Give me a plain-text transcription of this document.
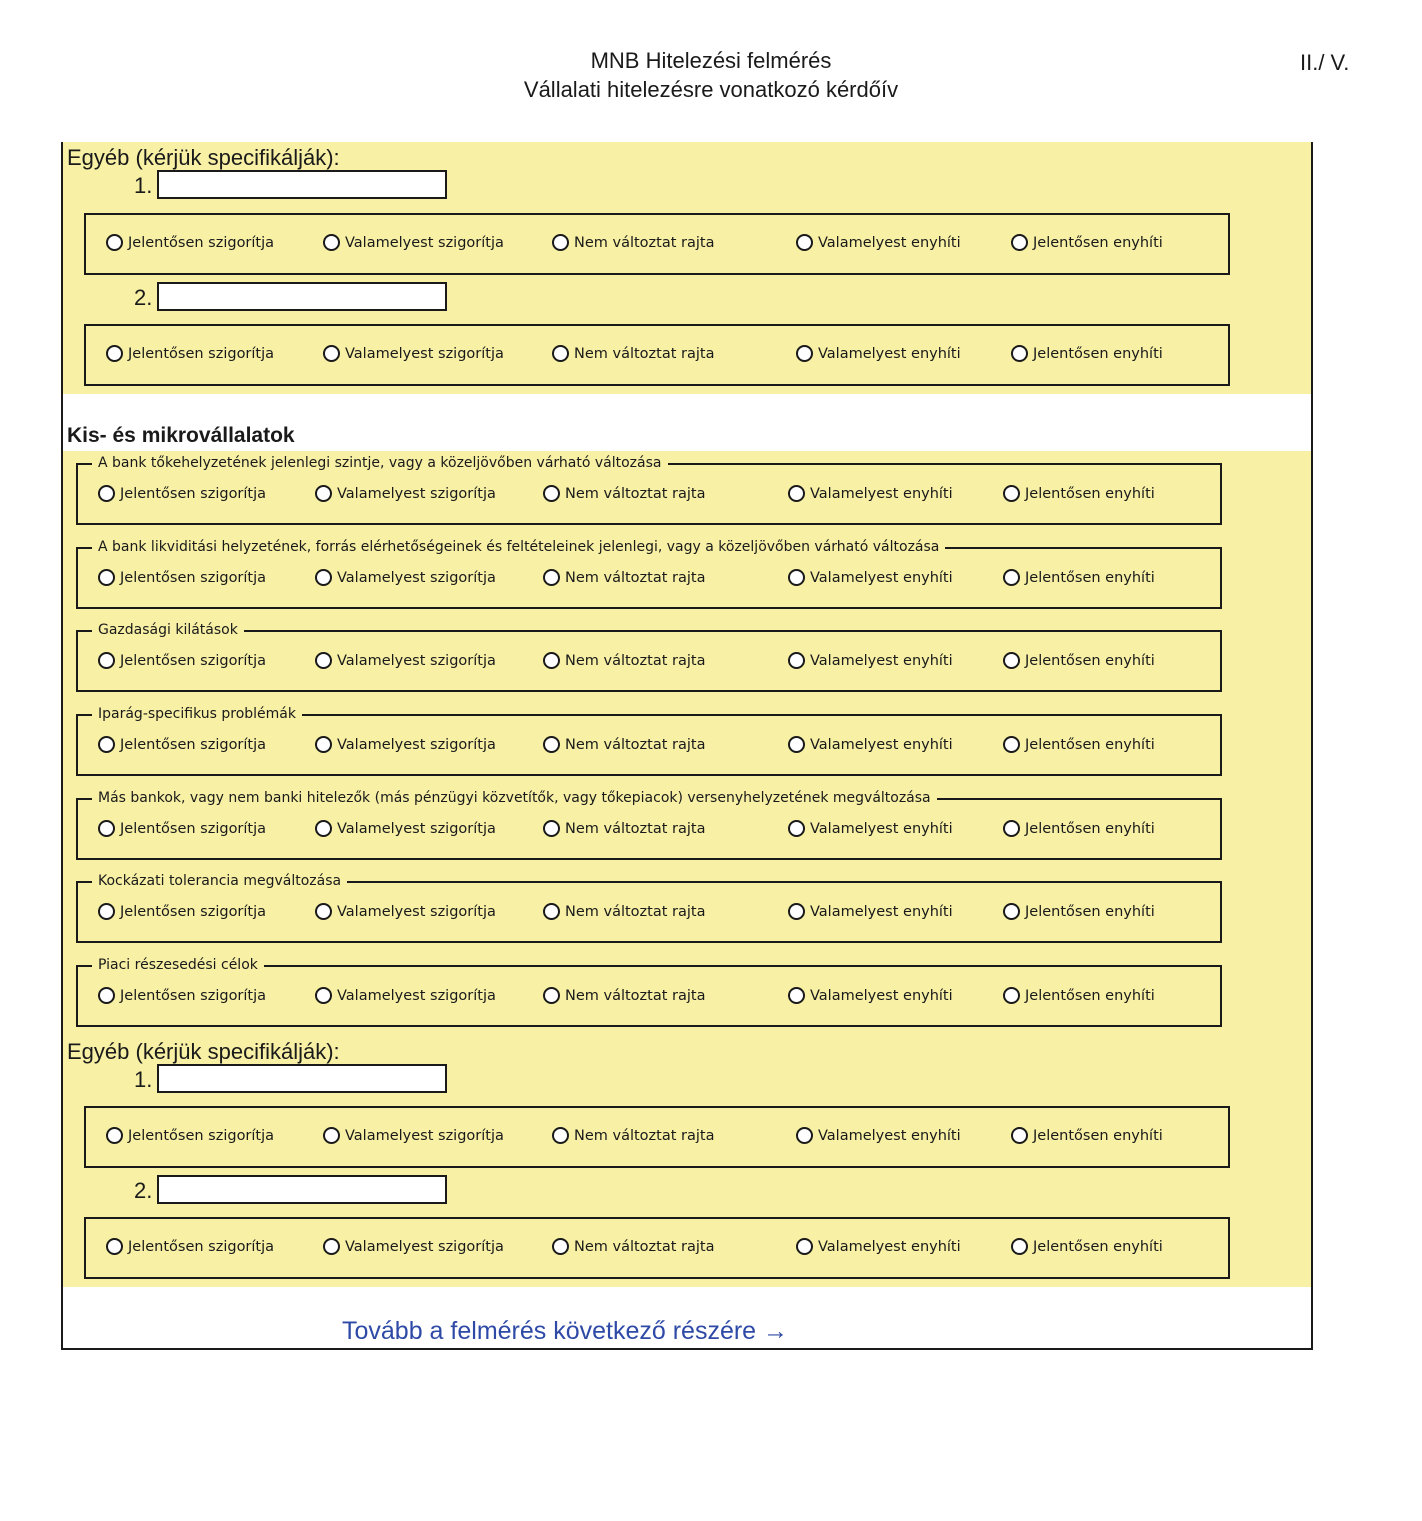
MNB Hitelezési felmérés
Vállalati hitelezésre vonatkozó kérdőív
II./ V.
Egyéb (kérjük specifikálják):
1.
Jelentősen szigorítja	Valamelyest szigorítja	Nem változtat rajta	Valamelyest enyhíti	Jelentősen enyhíti
2.
Jelentősen szigorítja	Valamelyest szigorítja	Nem változtat rajta	Valamelyest enyhíti	Jelentősen enyhíti
Kis- és mikrovállalatok
A bank tőkehelyzetének jelenlegi szintje, vagy a közeljövőben várható változása
Jelentősen szigorítja	Valamelyest szigorítja	Nem változtat rajta	Valamelyest enyhíti	Jelentősen enyhíti
A bank likviditási helyzetének, forrás elérhetőségeinek és feltételeinek jelenlegi, vagy a közeljövőben várható változása
Jelentősen szigorítja	Valamelyest szigorítja	Nem változtat rajta	Valamelyest enyhíti	Jelentősen enyhíti
Gazdasági kilátások
Jelentősen szigorítja	Valamelyest szigorítja	Nem változtat rajta	Valamelyest enyhíti	Jelentősen enyhíti
Iparág-specifikus problémák
Jelentősen szigorítja	Valamelyest szigorítja	Nem változtat rajta	Valamelyest enyhíti	Jelentősen enyhíti
Más bankok, vagy nem banki hitelezők (más pénzügyi közvetítők, vagy tőkepiacok) versenyhelyzetének megváltozása
Jelentősen szigorítja	Valamelyest szigorítja	Nem változtat rajta	Valamelyest enyhíti	Jelentősen enyhíti
Kockázati tolerancia megváltozása
Jelentősen szigorítja	Valamelyest szigorítja	Nem változtat rajta	Valamelyest enyhíti	Jelentősen enyhíti
Piaci részesedési célok
Jelentősen szigorítja	Valamelyest szigorítja	Nem változtat rajta	Valamelyest enyhíti	Jelentősen enyhíti
Egyéb (kérjük specifikálják):
1.
Jelentősen szigorítja	Valamelyest szigorítja	Nem változtat rajta	Valamelyest enyhíti	Jelentősen enyhíti
2.
Jelentősen szigorítja	Valamelyest szigorítja	Nem változtat rajta	Valamelyest enyhíti	Jelentősen enyhíti
Tovább a felmérés következő részére →
